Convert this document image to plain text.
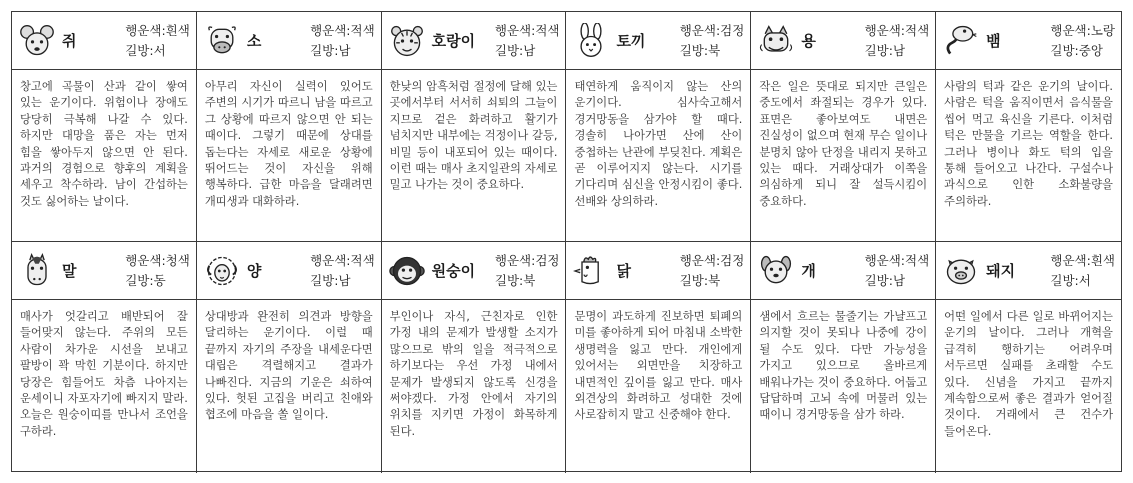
쥐
행운색:흰색
길방:서
창고에 곡물이 산과 같이 쌓여 있는 운기이다. 위험이나 장애도 당당히 극복해 나갈 수 있다. 하지만 대망을 품은 자는 먼저 힘을 쌓아두지 않으면 안 된다. 과거의 경험으로 향후의 계획을 세우고 착수하라. 남이 간섭하는 것도 싫어하는 날이다.
소
행운색:적색
길방:남
아무리 자신이 실력이 있어도 주변의 시기가 따르니 남을 따르고 그 상황에 따르지 않으면 안 되는 때이다. 그렇기 때문에 상대를 돕는다는 자세로 새로운 상황에 뛰어드는 것이 자신을 위해 행복하다. 급한 마음을 달래려면 개띠생과 대화하라.
호랑이
행운색:적색
길방:남
한낮의 암흑처럼 절정에 달해 있는 곳에서부터 서서히 쇠퇴의 그늘이 지므로 겉은 화려하고 활기가 넘치지만 내부에는 걱정이나 갈등, 비밀 등이 내포되어 있는 때이다. 이런 때는 매사 초지일관의 자세로 밀고 나가는 것이 중요하다.
토끼
행운색:검정
길방:북
태연하게 움직이지 않는 산의 운기이다. 심사숙고해서 경거망동을 삼가야 할 때다. 경솔히 나아가면 산에 산이 중첩하는 난관에 부딪친다. 계획은 곧 이루어지지 않는다. 시기를 기다리며 심신을 안정시킴이 좋다. 선배와 상의하라.
용
행운색:적색
길방:남
작은 일은 뜻대로 되지만 큰일은 중도에서 좌절되는 경우가 있다. 표면은 좋아보여도 내면은 진실성이 없으며 현재 무슨 일이나 분명치 않아 단정을 내리지 못하고 있는 때다. 거래상대가 이쪽을 의심하게 되니 잘 설득시킴이 중요하다.
뱀
행운색:노랑
길방:중앙
사람의 턱과 같은 운기의 날이다. 사람은 턱을 움직이면서 음식물을 씹어 먹고 육신을 기른다. 이처럼 턱은 만물을 기르는 역할을 한다. 그러나 병이나 화도 턱의 입을 통해 들어오고 나간다. 구설수나 과식으로 인한 소화불량을 주의하라.
말
행운색:청색
길방:동
매사가 엇갈리고 배반되어 잘 들어맞지 않는다. 주위의 모든 사람이 차가운 시선을 보내고 팔방이 꽉 막힌 기분이다. 하지만 당장은 힘들어도 차츰 나아지는 운세이니 자포자기에 빠지지 말라. 오늘은 원숭이띠를 만나서 조언을 구하라.
양
행운색:적색
길방:남
상대방과 완전히 의견과 방향을 달리하는 운기이다. 이럴 때 끝까지 자기의 주장을 내세운다면 대립은 격렬해지고 결과가 나빠진다. 지금의 기운은 쇠하여 있다. 헛된 고집을 버리고 친애와 협조에 마음을 쏠 일이다.
원숭이
행운색:검정
길방:북
부인이나 자식, 근친자로 인한 가정 내의 문제가 발생할 소지가 많으므로 밖의 일을 적극적으로 하기보다는 우선 가정 내에서 문제가 발생되지 않도록 신경을 써야겠다. 가정 안에서 자기의 위치를 지키면 가정이 화목하게 된다.
닭
행운색:검정
길방:북
문명이 과도하게 진보하면 퇴폐의 미를 좋아하게 되어 마침내 소박한 생명력을 잃고 만다. 개인에게 있어서는 외면만을 치장하고 내면적인 깊이를 잃고 만다. 매사 외견상의 화려하고 성대한 것에 사로잡히지 말고 신중해야 한다.
개
행운색:적색
길방:남
샘에서 흐르는 물줄기는 가냘프고 의지할 것이 못되나 나중에 강이 될 수도 있다. 다만 가능성을 가지고 있으므로 올바르게 배워나가는 것이 중요하다. 어둡고 답답하며 고뇌 속에 머물러 있는 때이니 경거망동을 삼가 하라.
돼지
행운색:흰색
길방:서
어떤 일에서 다른 일로 바뀌어지는 운기의 날이다. 그러나 개혁을 급격히 행하기는 어려우며 서두르면 실패를 초래할 수도 있다. 신념을 가지고 끝까지 계속함으로써 좋은 결과가 얻어질 것이다. 거래에서 큰 건수가 들어온다.
